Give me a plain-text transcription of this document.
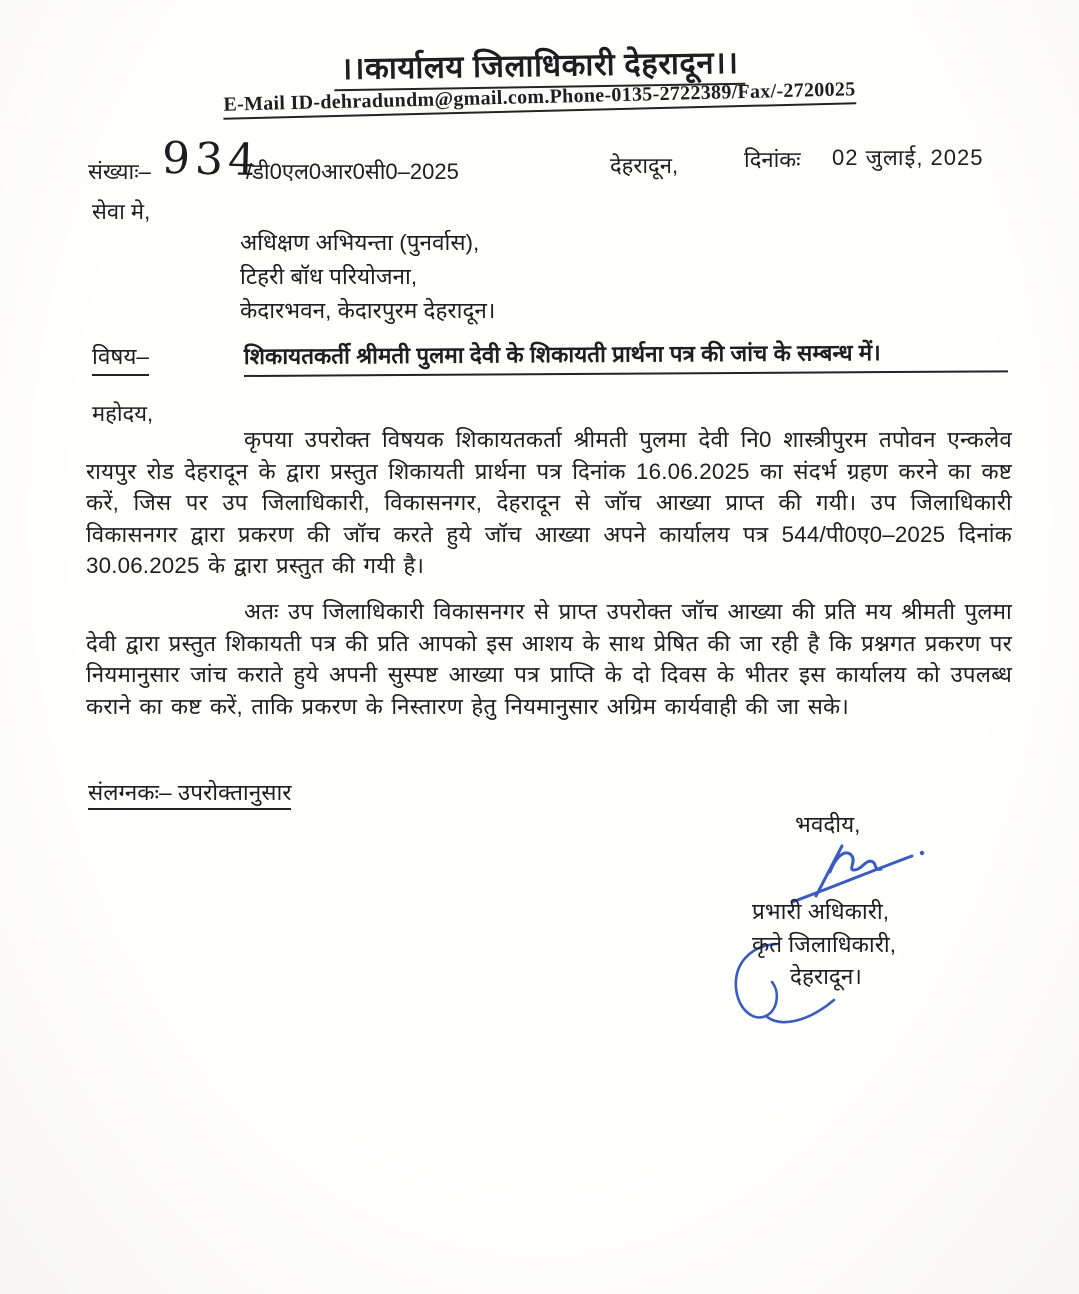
।।कार्यालय जिलाधिकारी देहरादून।।
E-Mail ID-dehradundm@gmail.com.Phone-0135-2722389/Fax/-2720025
संख्याः– 934
/डी0एल0आर0सी0–2025	देहरादून,	दिनांकः 02 जुलाई, 2025
सेवा मे,
अधिक्षण अभियन्ता (पुनर्वास),
टिहरी बॉध परियोजना,
केदारभवन, केदारपुरम देहरादून।
विषय–	शिकायतकर्ती श्रीमती पुलमा देवी के शिकायती प्रार्थना पत्र की जांच के सम्बन्ध में।
महोदय,
कृपया उपरोक्त विषयक शिकायतकर्ता श्रीमती पुलमा देवी नि0 शास्त्रीपुरम तपोवन एन्कलेव रायपुर रोड देहरादून के द्वारा प्रस्तुत शिकायती प्रार्थना पत्र दिनांक 16.06.2025 का संदर्भ ग्रहण करने का कष्ट करें, जिस पर उप जिलाधिकारी, विकासनगर, देहरादून से जॉच आख्या प्राप्त की गयी। उप जिलाधिकारी विकासनगर द्वारा प्रकरण की जॉच करते हुये जॉच आख्या अपने कार्यालय पत्र 544/पी0ए0–2025 दिनांक 30.06.2025 के द्वारा प्रस्तुत की गयी है।
अतः उप जिलाधिकारी विकासनगर से प्राप्त उपरोक्त जॉच आख्या की प्रति मय श्रीमती पुलमा देवी द्वारा प्रस्तुत शिकायती पत्र की प्रति आपको इस आशय के साथ प्रेषित की जा रही है कि प्रश्नगत प्रकरण पर नियमानुसार जांच कराते हुये अपनी सुस्पष्ट आख्या पत्र प्राप्ति के दो दिवस के भीतर इस कार्यालय को उपलब्ध कराने का कष्ट करें, ताकि प्रकरण के निस्तारण हेतु नियमानुसार अग्रिम कार्यवाही की जा सके।
संलग्नकः– उपरोक्तानुसार
भवदीय,
प्रभारी अधिकारी,
कृते जिलाधिकारी,
देहरादून।
